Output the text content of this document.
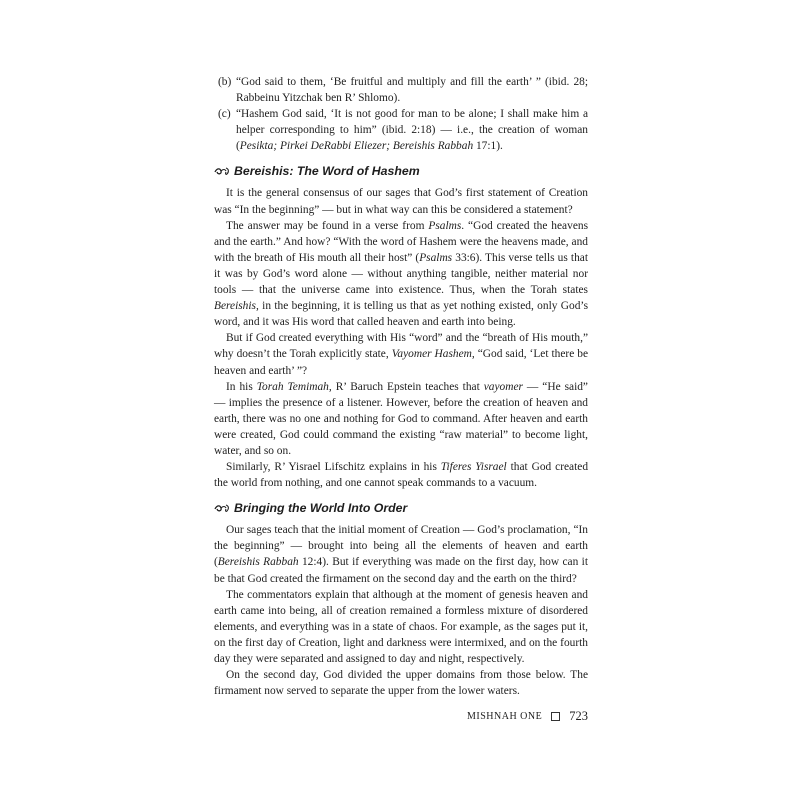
(b) “God said to them, ‘Be fruitful and multiply and fill the earth’ ” (ibid. 28; Rabbeinu Yitzchak ben R’ Shlomo).

(c) “Hashem God said, ‘It is not good for man to be alone; I shall make him a helper corresponding to him” (ibid. 2:18) — i.e., the creation of woman (Pesikta; Pirkei DeRabbi Eliezer; Bereishis Rabbah 17:1).

Bereishis: The Word of Hashem

It is the general consensus of our sages that God’s first statement of Creation was “In the beginning” — but in what way can this be considered a statement?

The answer may be found in a verse from Psalms. “God created the heavens and the earth.” And how? “With the word of Hashem were the heavens made, and with the breath of His mouth all their host” (Psalms 33:6). This verse tells us that it was by God’s word alone — without anything tangible, neither material nor tools — that the universe came into existence. Thus, when the Torah states Bereishis, in the beginning, it is telling us that as yet nothing existed, only God’s word, and it was His word that called heaven and earth into being.

But if God created everything with His “word” and the “breath of His mouth,” why doesn’t the Torah explicitly state, Vayomer Hashem, “God said, ‘Let there be heaven and earth’ ”?

In his Torah Temimah, R’ Baruch Epstein teaches that vayomer — “He said” — implies the presence of a listener. However, before the creation of heaven and earth, there was no one and nothing for God to command. After heaven and earth were created, God could command the existing “raw material” to become light, water, and so on.

Similarly, R’ Yisrael Lifschitz explains in his Tiferes Yisrael that God created the world from nothing, and one cannot speak commands to a vacuum.

Bringing the World Into Order

Our sages teach that the initial moment of Creation — God’s proclamation, “In the beginning” — brought into being all the elements of heaven and earth (Bereishis Rabbah 12:4). But if everything was made on the first day, how can it be that God created the firmament on the second day and the earth on the third?

The commentators explain that although at the moment of genesis heaven and earth came into being, all of creation remained a formless mixture of disordered elements, and everything was in a state of chaos. For example, as the sages put it, on the first day of Creation, light and darkness were intermixed, and on the fourth day they were separated and assigned to day and night, respectively.

On the second day, God divided the upper domains from those below. The firmament now served to separate the upper from the lower waters.

MISHNAH ONE 723
